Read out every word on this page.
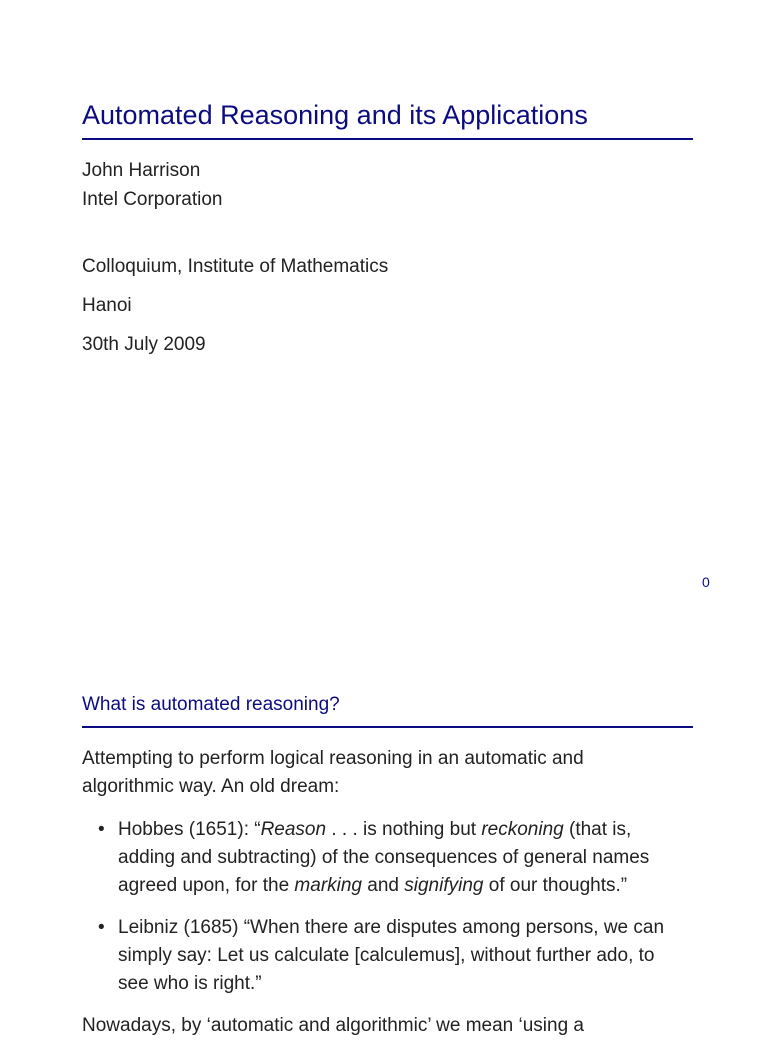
Automated Reasoning and its Applications
John Harrison
Intel Corporation
Colloquium, Institute of Mathematics
Hanoi
30th July 2009
0
What is automated reasoning?
Attempting to perform logical reasoning in an automatic and
algorithmic way. An old dream:
• Hobbes (1651): “Reason . . . is nothing but reckoning (that is,
adding and subtracting) of the consequences of general names
agreed upon, for the marking and signifying of our thoughts.”
• Leibniz (1685) “When there are disputes among persons, we can
simply say: Let us calculate [calculemus], without further ado, to
see who is right.”
Nowadays, by ‘automatic and algorithmic’ we mean ‘using a
